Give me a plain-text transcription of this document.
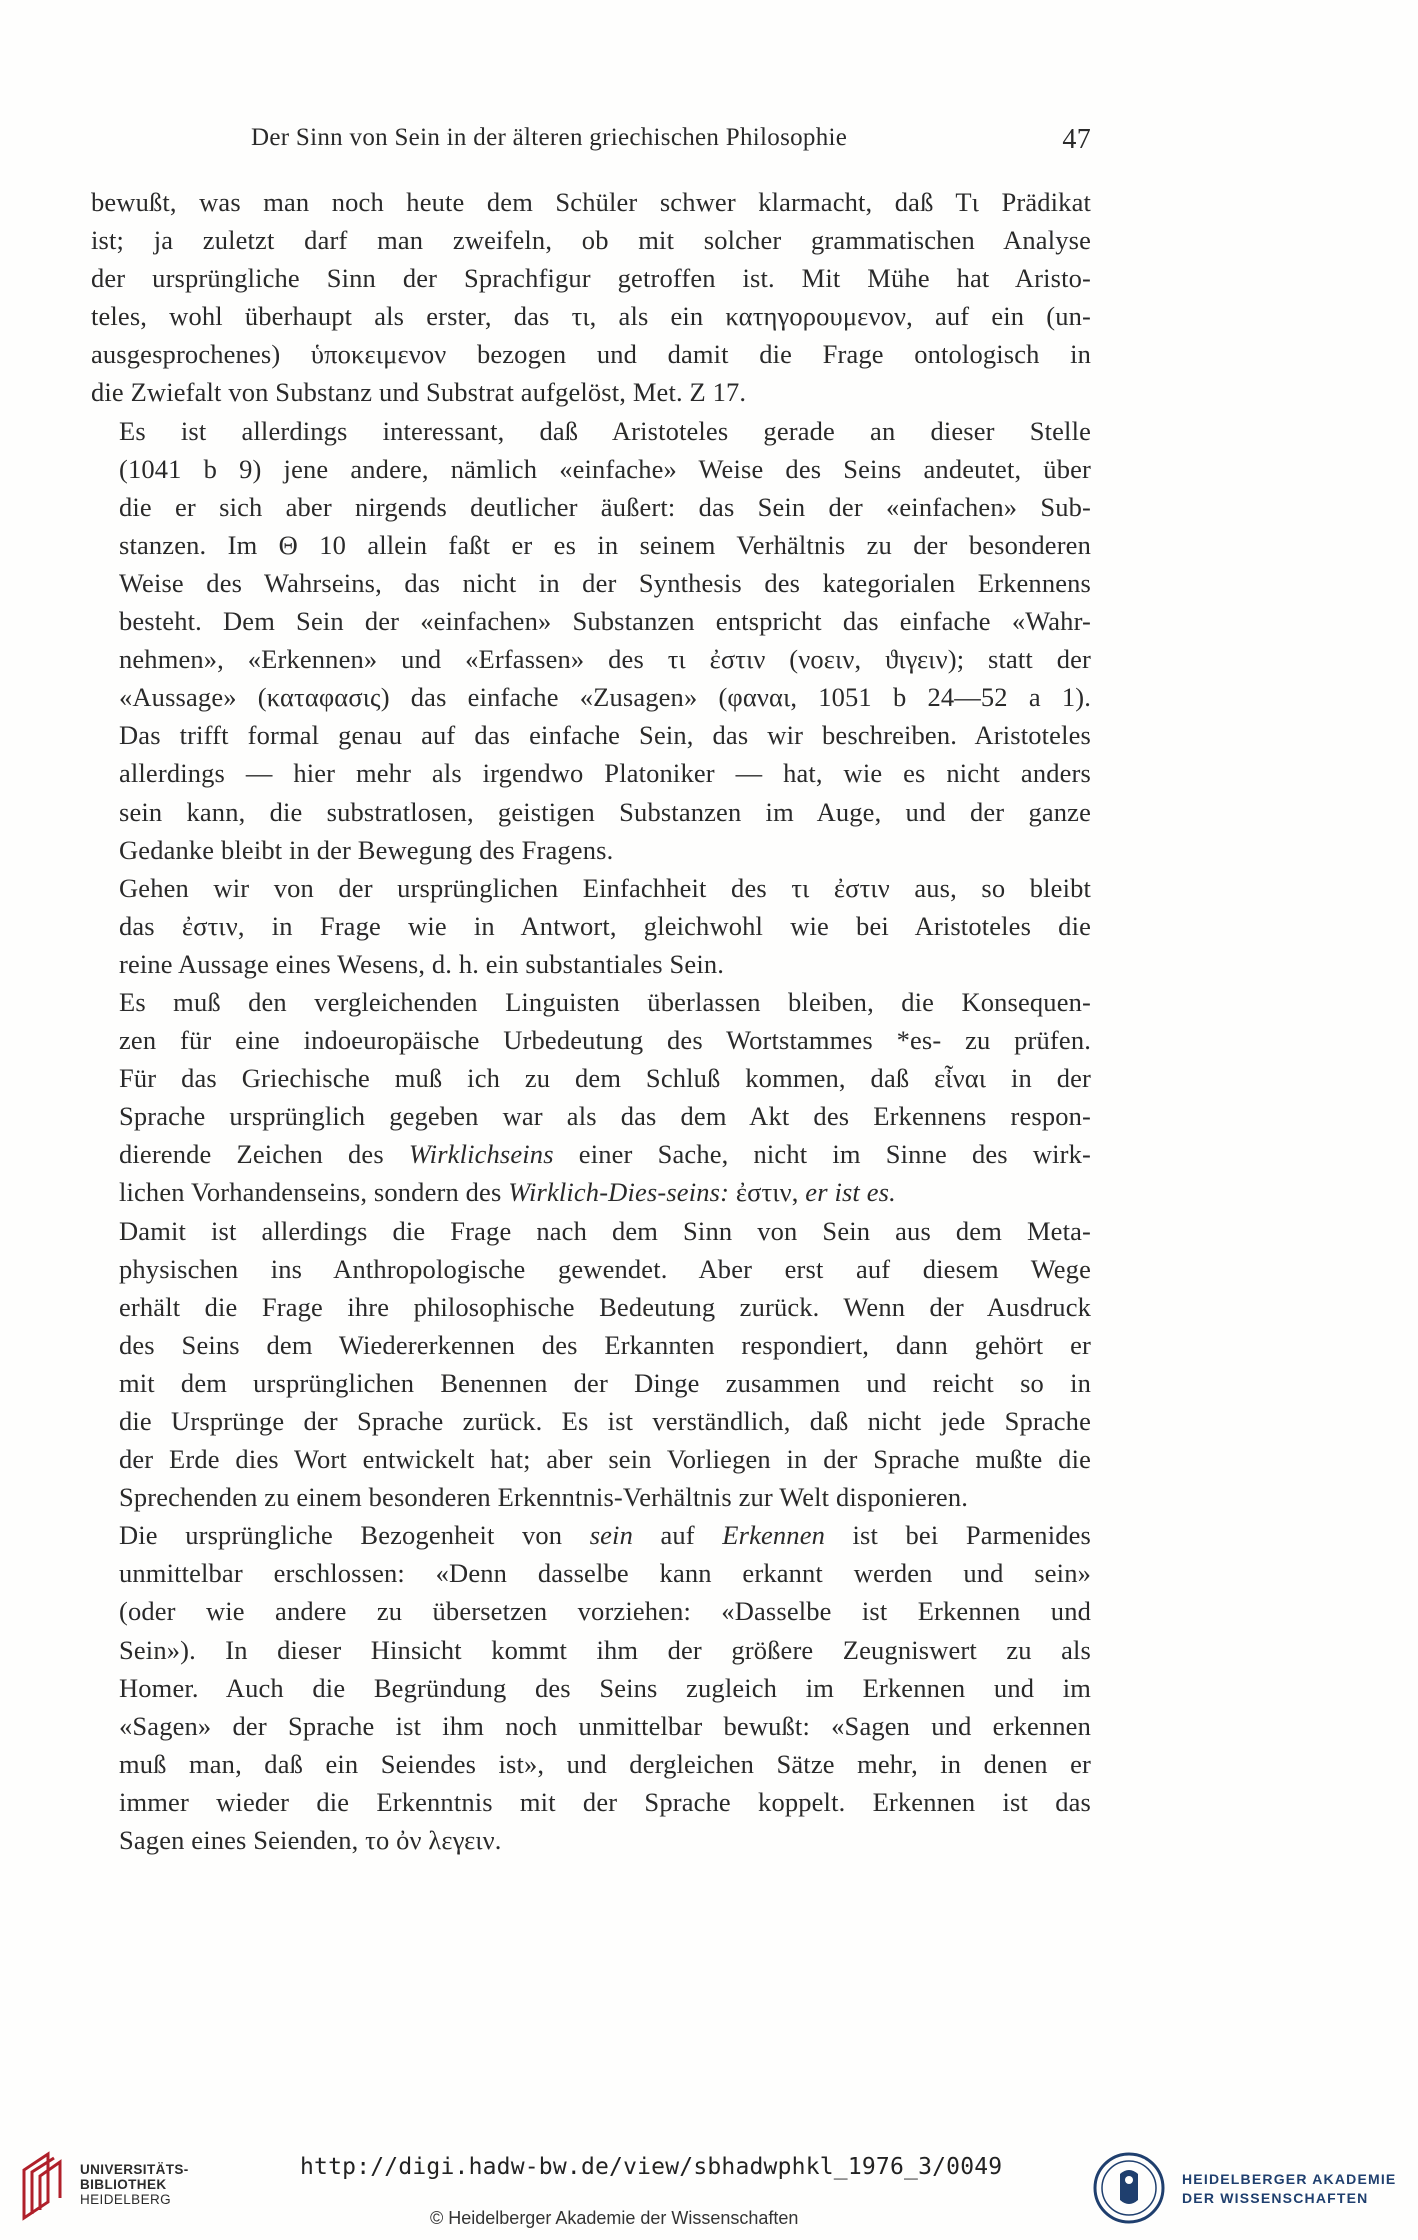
Der Sinn von Sein in der älteren griechischen Philosophie	47

bewußt, was man noch heute dem Schüler schwer klarmacht, daß Tι Prädikat
ist; ja zuletzt darf man zweifeln, ob mit solcher grammatischen Analyse
der ursprüngliche Sinn der Sprachfigur getroffen ist. Mit Mühe hat Aristo-
teles, wohl überhaupt als erster, das τι, als ein κατηγορουμενον, auf ein (un-
ausgesprochenes) ὑποκειμενον bezogen und damit die Frage ontologisch in
die Zwiefalt von Substanz und Substrat aufgelöst, Met. Z 17.

Es ist allerdings interessant, daß Aristoteles gerade an dieser Stelle
(1041 b 9) jene andere, nämlich «einfache» Weise des Seins andeutet, über
die er sich aber nirgends deutlicher äußert: das Sein der «einfachen» Sub-
stanzen. Im Θ 10 allein faßt er es in seinem Verhältnis zu der besonderen
Weise des Wahrseins, das nicht in der Synthesis des kategorialen Erkennens
besteht. Dem Sein der «einfachen» Substanzen entspricht das einfache «Wahr-
nehmen», «Erkennen» und «Erfassen» des τι ἐστιν (νοειν, ϑιγειν); statt der
«Aussage» (καταφασις) das einfache «Zusagen» (φαναι, 1051 b 24—52 a 1).
Das trifft formal genau auf das einfache Sein, das wir beschreiben. Aristoteles
allerdings — hier mehr als irgendwo Platoniker — hat, wie es nicht anders
sein kann, die substratlosen, geistigen Substanzen im Auge, und der ganze
Gedanke bleibt in der Bewegung des Fragens.

Gehen wir von der ursprünglichen Einfachheit des τι ἐστιν aus, so bleibt
das ἐστιν, in Frage wie in Antwort, gleichwohl wie bei Aristoteles die
reine Aussage eines Wesens, d. h. ein substantiales Sein.

Es muß den vergleichenden Linguisten überlassen bleiben, die Konsequen-
zen für eine indoeuropäische Urbedeutung des Wortstammes *es- zu prüfen.
Für das Griechische muß ich zu dem Schluß kommen, daß εἶναι in der
Sprache ursprünglich gegeben war als das dem Akt des Erkennens respon-
dierende Zeichen des Wirklichseins einer Sache, nicht im Sinne des wirk-
lichen Vorhandenseins, sondern des Wirklich-Dies-seins: ἐστιν, er ist es.

Damit ist allerdings die Frage nach dem Sinn von Sein aus dem Meta-
physischen ins Anthropologische gewendet. Aber erst auf diesem Wege
erhält die Frage ihre philosophische Bedeutung zurück. Wenn der Ausdruck
des Seins dem Wiedererkennen des Erkannten respondiert, dann gehört er
mit dem ursprünglichen Benennen der Dinge zusammen und reicht so in
die Ursprünge der Sprache zurück. Es ist verständlich, daß nicht jede Sprache
der Erde dies Wort entwickelt hat; aber sein Vorliegen in der Sprache mußte die
Sprechenden zu einem besonderen Erkenntnis-Verhältnis zur Welt disponieren.

Die ursprüngliche Bezogenheit von sein auf Erkennen ist bei Parmenides
unmittelbar erschlossen: «Denn dasselbe kann erkannt werden und sein»
(oder wie andere zu übersetzen vorziehen: «Dasselbe ist Erkennen und
Sein»). In dieser Hinsicht kommt ihm der größere Zeugniswert zu als
Homer. Auch die Begründung des Seins zugleich im Erkennen und im
«Sagen» der Sprache ist ihm noch unmittelbar bewußt: «Sagen und erkennen
muß man, daß ein Seiendes ist», und dergleichen Sätze mehr, in denen er
immer wieder die Erkenntnis mit der Sprache koppelt. Erkennen ist das
Sagen eines Seienden, το ὀν λεγειν.

UNIVERSITÄTS-
BIBLIOTHEK
HEIDELBERG
http://digi.hadw-bw.de/view/sbhadwphkl_1976_3/0049
© Heidelberger Akademie der Wissenschaften
HEIDELBERGER AKADEMIE
DER WISSENSCHAFTEN
